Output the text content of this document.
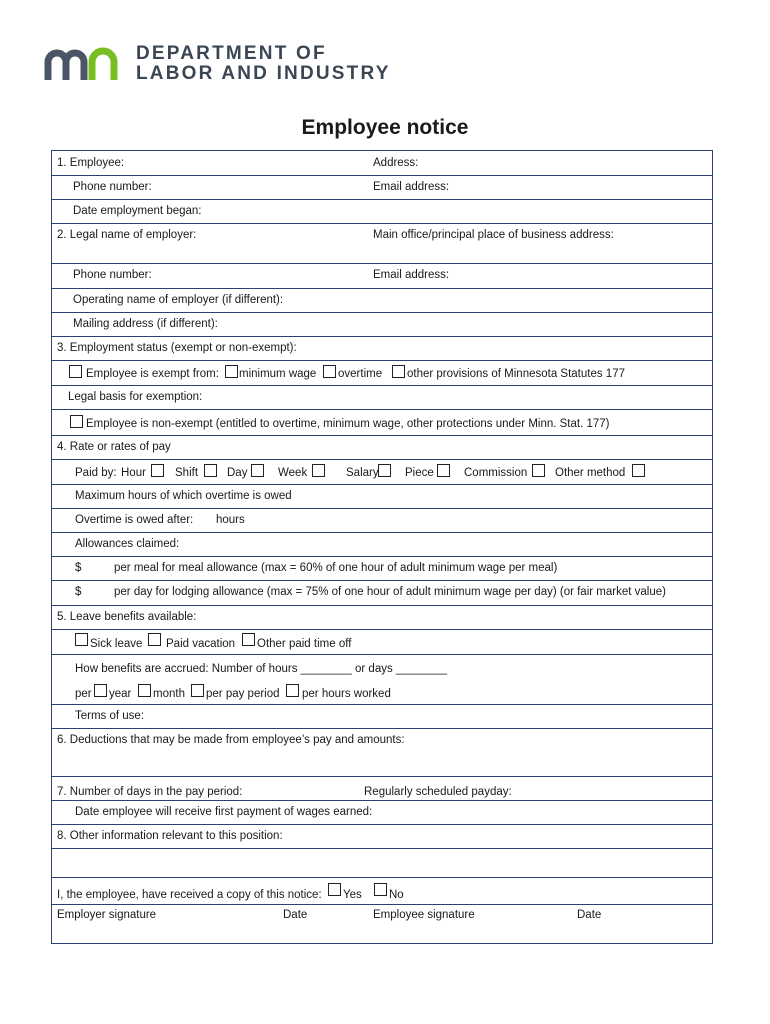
DEPARTMENT OF
LABOR AND INDUSTRY
Employee notice
1. Employee:	Address:
Phone number:	Email address:
Date employment began:
2. Legal name of employer:	Main office/principal place of business address:
Phone number:	Email address:
Operating name of employer (if different):
Mailing address (if different):
3. Employment status (exempt or non-exempt):
Employee is exempt from: minimum wage overtime other provisions of Minnesota Statutes 177
Legal basis for exemption:
Employee is non-exempt (entitled to overtime, minimum wage, other protections under Minn. Stat. 177)
4. Rate or rates of pay
Paid by: Hour	Shift	Day	Week	Salary Piece	Commission Other method
Maximum hours of which overtime is owed
Overtime is owed after: hours
Allowances claimed:
$	per meal for meal allowance (max = 60% of one hour of adult minimum wage per meal)
$	per day for lodging allowance (max = 75% of one hour of adult minimum wage per day) (or fair market value)
5. Leave benefits available:
Sick leave Paid vacation Other paid time off
How benefits are accrued: Number of hours ________ or days ________
per year month per pay period per hours worked
Terms of use:
6. Deductions that may be made from employee’s pay and amounts:
7. Number of days in the pay period:	Regularly scheduled payday:
Date employee will receive first payment of wages earned:
8. Other information relevant to this position:
I, the employee, have received a copy of this notice: Yes No
Employer signature	Date	Employee signature	Date
